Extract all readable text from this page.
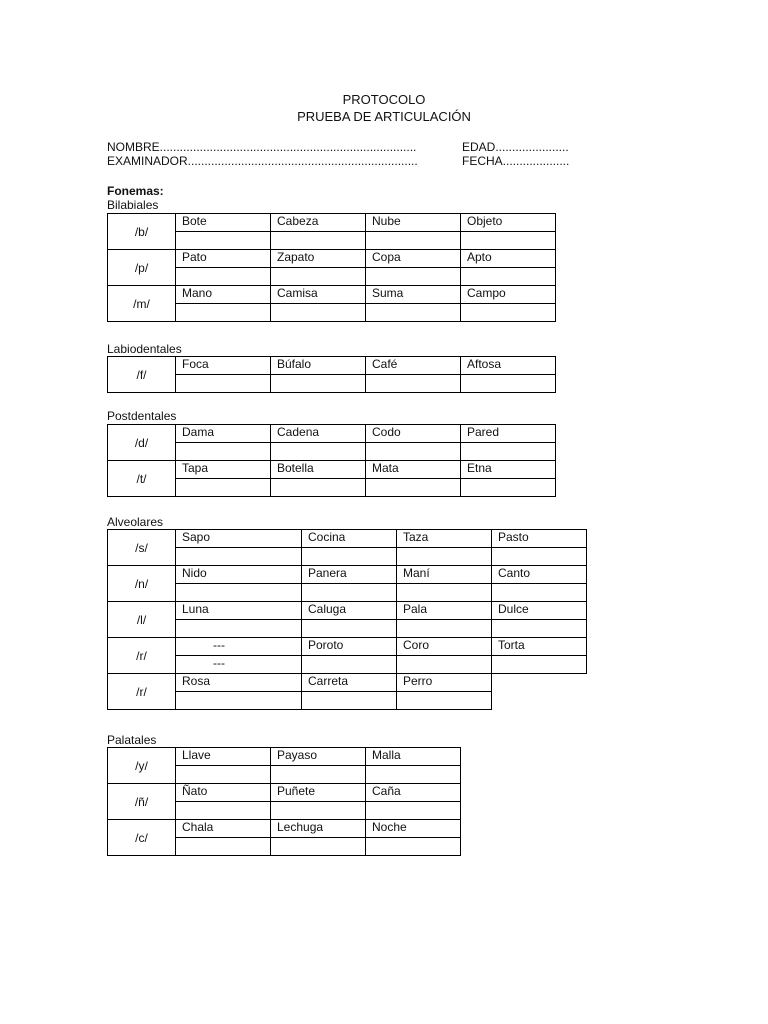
PROTOCOLO
PRUEBA DE ARTICULACIÓN
NOMBRE.............................................................................	EDAD......................
EXAMINADOR.....................................................................	FECHA....................
Fonemas:
Bilabiales
/b/	Bote	Cabeza	Nube	Objeto

/p/	Pato	Zapato	Copa	Apto

/m/	Mano	Camisa	Suma	Campo

Labiodentales
/f/	Foca	Búfalo	Café	Aftosa

Postdentales
/d/	Dama	Cadena	Codo	Pared

/t/	Tapa	Botella	Mata	Etna

Alveolares
/s/	Sapo	Cocina	Taza	Pasto

/n/	Nido	Panera	Maní	Canto

/l/	Luna	Caluga	Pala	Dulce

/r/	---	Poroto	Coro	Torta
	---			
/r/	Rosa	Carreta	Perro	

Palatales
/y/	Llave	Payaso	Malla	

/ñ/	Ñato	Puñete	Caña	

/c/	Chala	Lechuga	Noche	
